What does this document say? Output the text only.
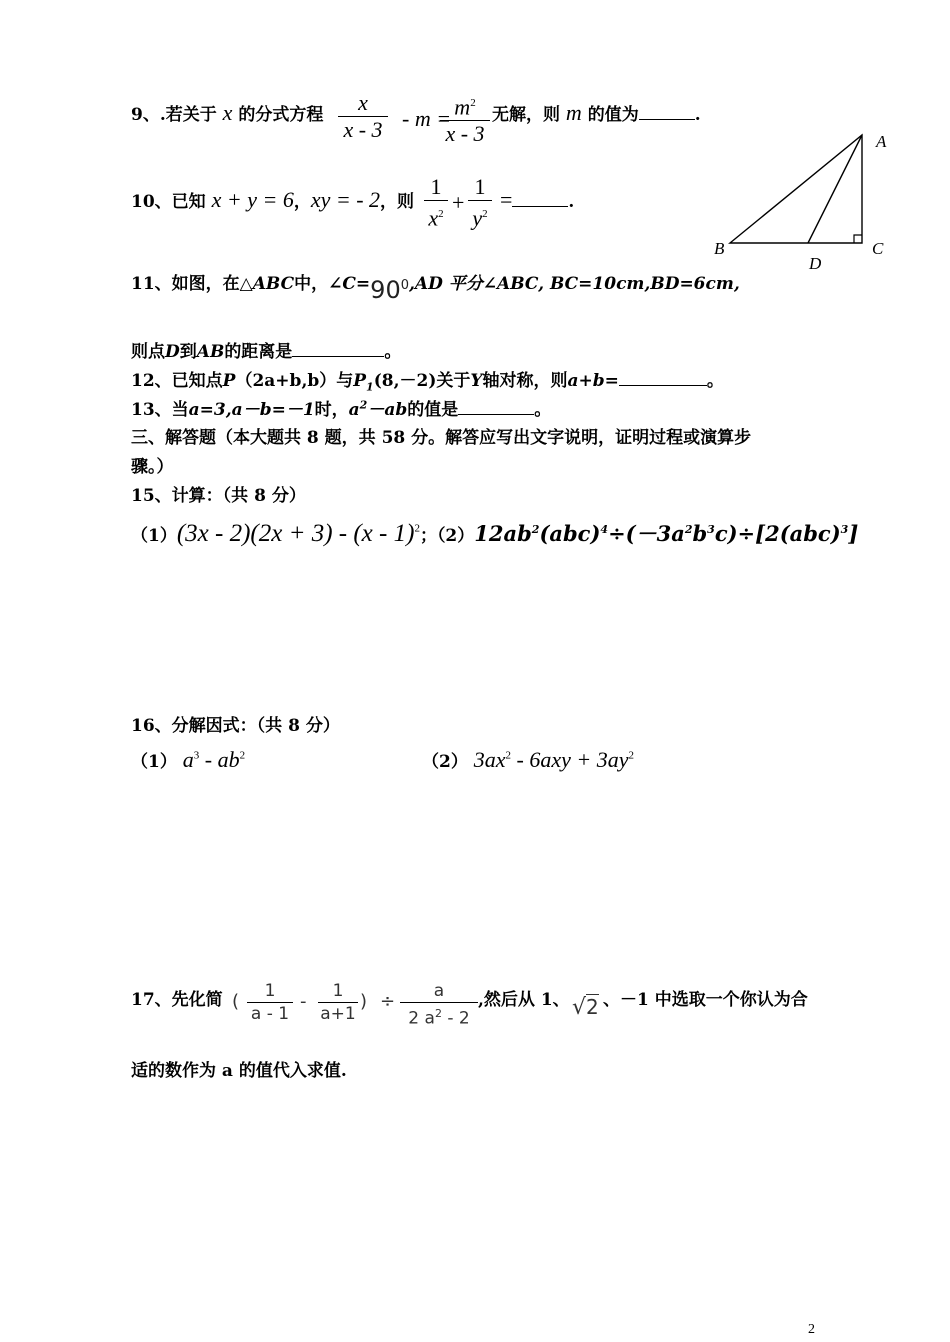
9、.若关于 x 的分式方程 $\frac{x}{x - 3}$ - m =
$\frac{m^2}{x - 3}$ 无解，则 m 的值为	.
10、已知 x + y = 6，xy = - 2，则 $\frac{1}{x^2} + \frac{1}{y^2}$ =	.
A
B	C
D
11、如图，在△ABC中，$\angle C=90^0,AD$ 平分∠ABC, BC=10cm,BD=6cm,
则点D到AB的距离是	。
12、已知点P（2a+b,b）与$P_1(8,-2)$关于Y轴对称，则a+b=	。
13、当a=3,a－b=－1时，$a^2-ab$的值是	。
三、解答题（本大题共 8 题，共 58 分。解答应写出文字说明，证明过程或演算步
骤。）
15、计算：（共 8 分）
（1）(3x - 2)(2x + 3) - (x - 1)$^2$；$(2)12ab^2(abc)^4\div(-3a^2b^3c)\div[2(abc)^3]$
16、分解因式：（共 8 分）
（1） $a^3 - ab^2$	（2） $3ax^2 - 6axy + 3ay^2$
17、先化简 ( $\frac{1}{a - 1} - \frac{1}{a+1}$ ) ÷ $\frac{a}{2 a^2 - 2}$ ,然后从 1、 √2 、－1 中选取一个你认为合
适的数作为 a 的值代入求值.
2
